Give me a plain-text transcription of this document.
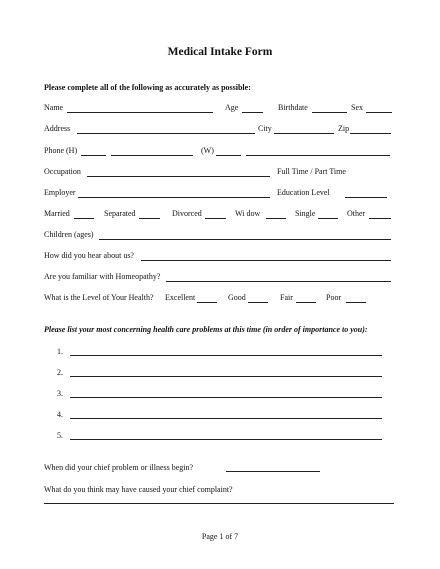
Medical Intake Form
Please complete all of the following as accurately as possible:
Name	Age	Birthdate	Sex
Address	City	Zip
Phone (H)	(W)
Occupation	Full Time / Part Time
Employer	Education Level
Married	Separated	Divorced	Wi dow	Single	Other
Children (ages)
How did you hear about us?
Are you familiar with Homeopathy?
What is the Level of Your Health? Excellent	Good	Fair	Poor
Please list your most concerning health care problems at this time (in order of importance to you):
1.
2.
3.
4.
5.
When did your chief problem or illness begin?
What do you think may have caused your chief complaint?
Page 1 of 7
